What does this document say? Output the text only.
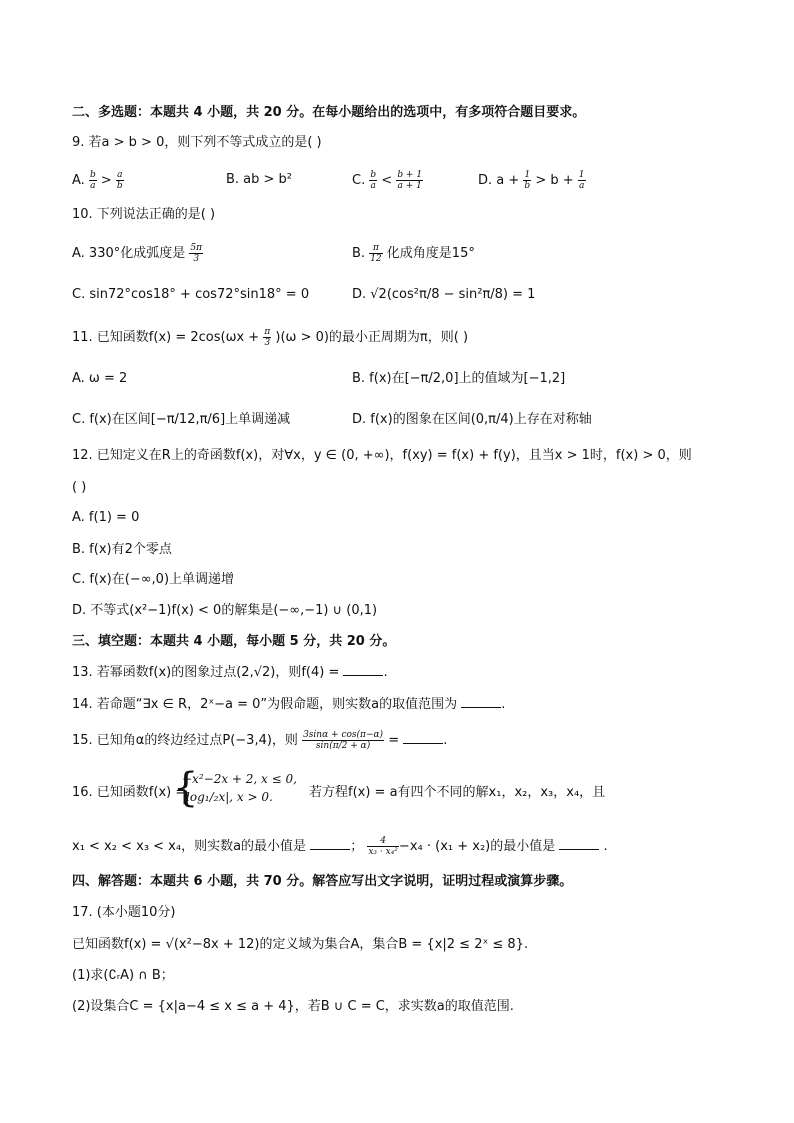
二、多选题：本题共 4 小题，共 20 分。在每小题给出的选项中，有多项符合题目要求。
9. 若a > b > 0，则下列不等式成立的是( )
A. $\frac{b}{a} > \frac{a}{b}$	B. ab > b²	C. $\frac{b}{a} < \frac{b + 1}{a + 1}$	D. $a + \frac{1}{b} > b + \frac{1}{a}$
10. 下列说法正确的是( )
A. 330°化成弧度是 $\frac{5\pi}{3}$	B. $\frac{\pi}{12}$ 化成角度是15°
C. sin72°cos18° + cos72°sin18° = 0	D. √2(cos²π/8 − sin²π/8) = 1
11. 已知函数$f(x) = 2\cos(\omega x + \frac{\pi}{3} )(\omega > 0)$的最小正周期为π，则( )
A. ω = 2	B. f(x)在[−π/2,0]上的值域为[−1,2]
C. f(x)在区间[−π/12,π/6]上单调递减	D. f(x)的图象在区间(0,π/4)上存在对称轴
12. 已知定义在R上的奇函数f(x)，对∀x，y ∈ (0, +∞)，f(xy) = f(x) + f(y)，且当x > 1时，f(x) > 0，则
( )
A. f(1) = 0
B. f(x)有2个零点
C. f(x)在(−∞,0)上单调递增
D. 不等式(x²−1)f(x) < 0的解集是(−∞,−1) ∪ (0,1)
三、填空题：本题共 4 小题，每小题 5 分，共 20 分。
13. 若幂函数f(x)的图象过点(2,√2)，则f(4) =	.
14. 若命题“∃x ∈ R，2ˣ−a = 0”为假命题，则实数a的取值范围为	.
15. 已知角α的终边经过点P(−3,4)，则 $\frac{3\sin\alpha + \cos(\pi-\alpha)}{\sin(\pi/2 + \alpha)}$ =	.
16. 已知函数f(x) =
{
−x²−2x + 2, x ≤ 0,
|log₁/₂x|, x > 0.	若方程f(x) = a有四个不同的解x₁，x₂，x₃，x₄，且
x₁ < x₂ < x₃ < x₄，则实数a的最小值是	； $\frac{4}{\text{x₃ · x₄²}} -x_4 \cdot (x_1 + x_2)$的最小值是	.
四、解答题：本题共 6 小题，共 70 分。解答应写出文字说明，证明过程或演算步骤。
17. (本小题10分)
已知函数f(x) = √(x²−8x + 12)的定义域为集合A，集合B = {x|2 ≤ 2ˣ ≤ 8}.
(1)求(∁ᵣA) ∩ B；
(2)设集合C = {x|a−4 ≤ x ≤ a + 4}，若B ∪ C = C，求实数a的取值范围.
